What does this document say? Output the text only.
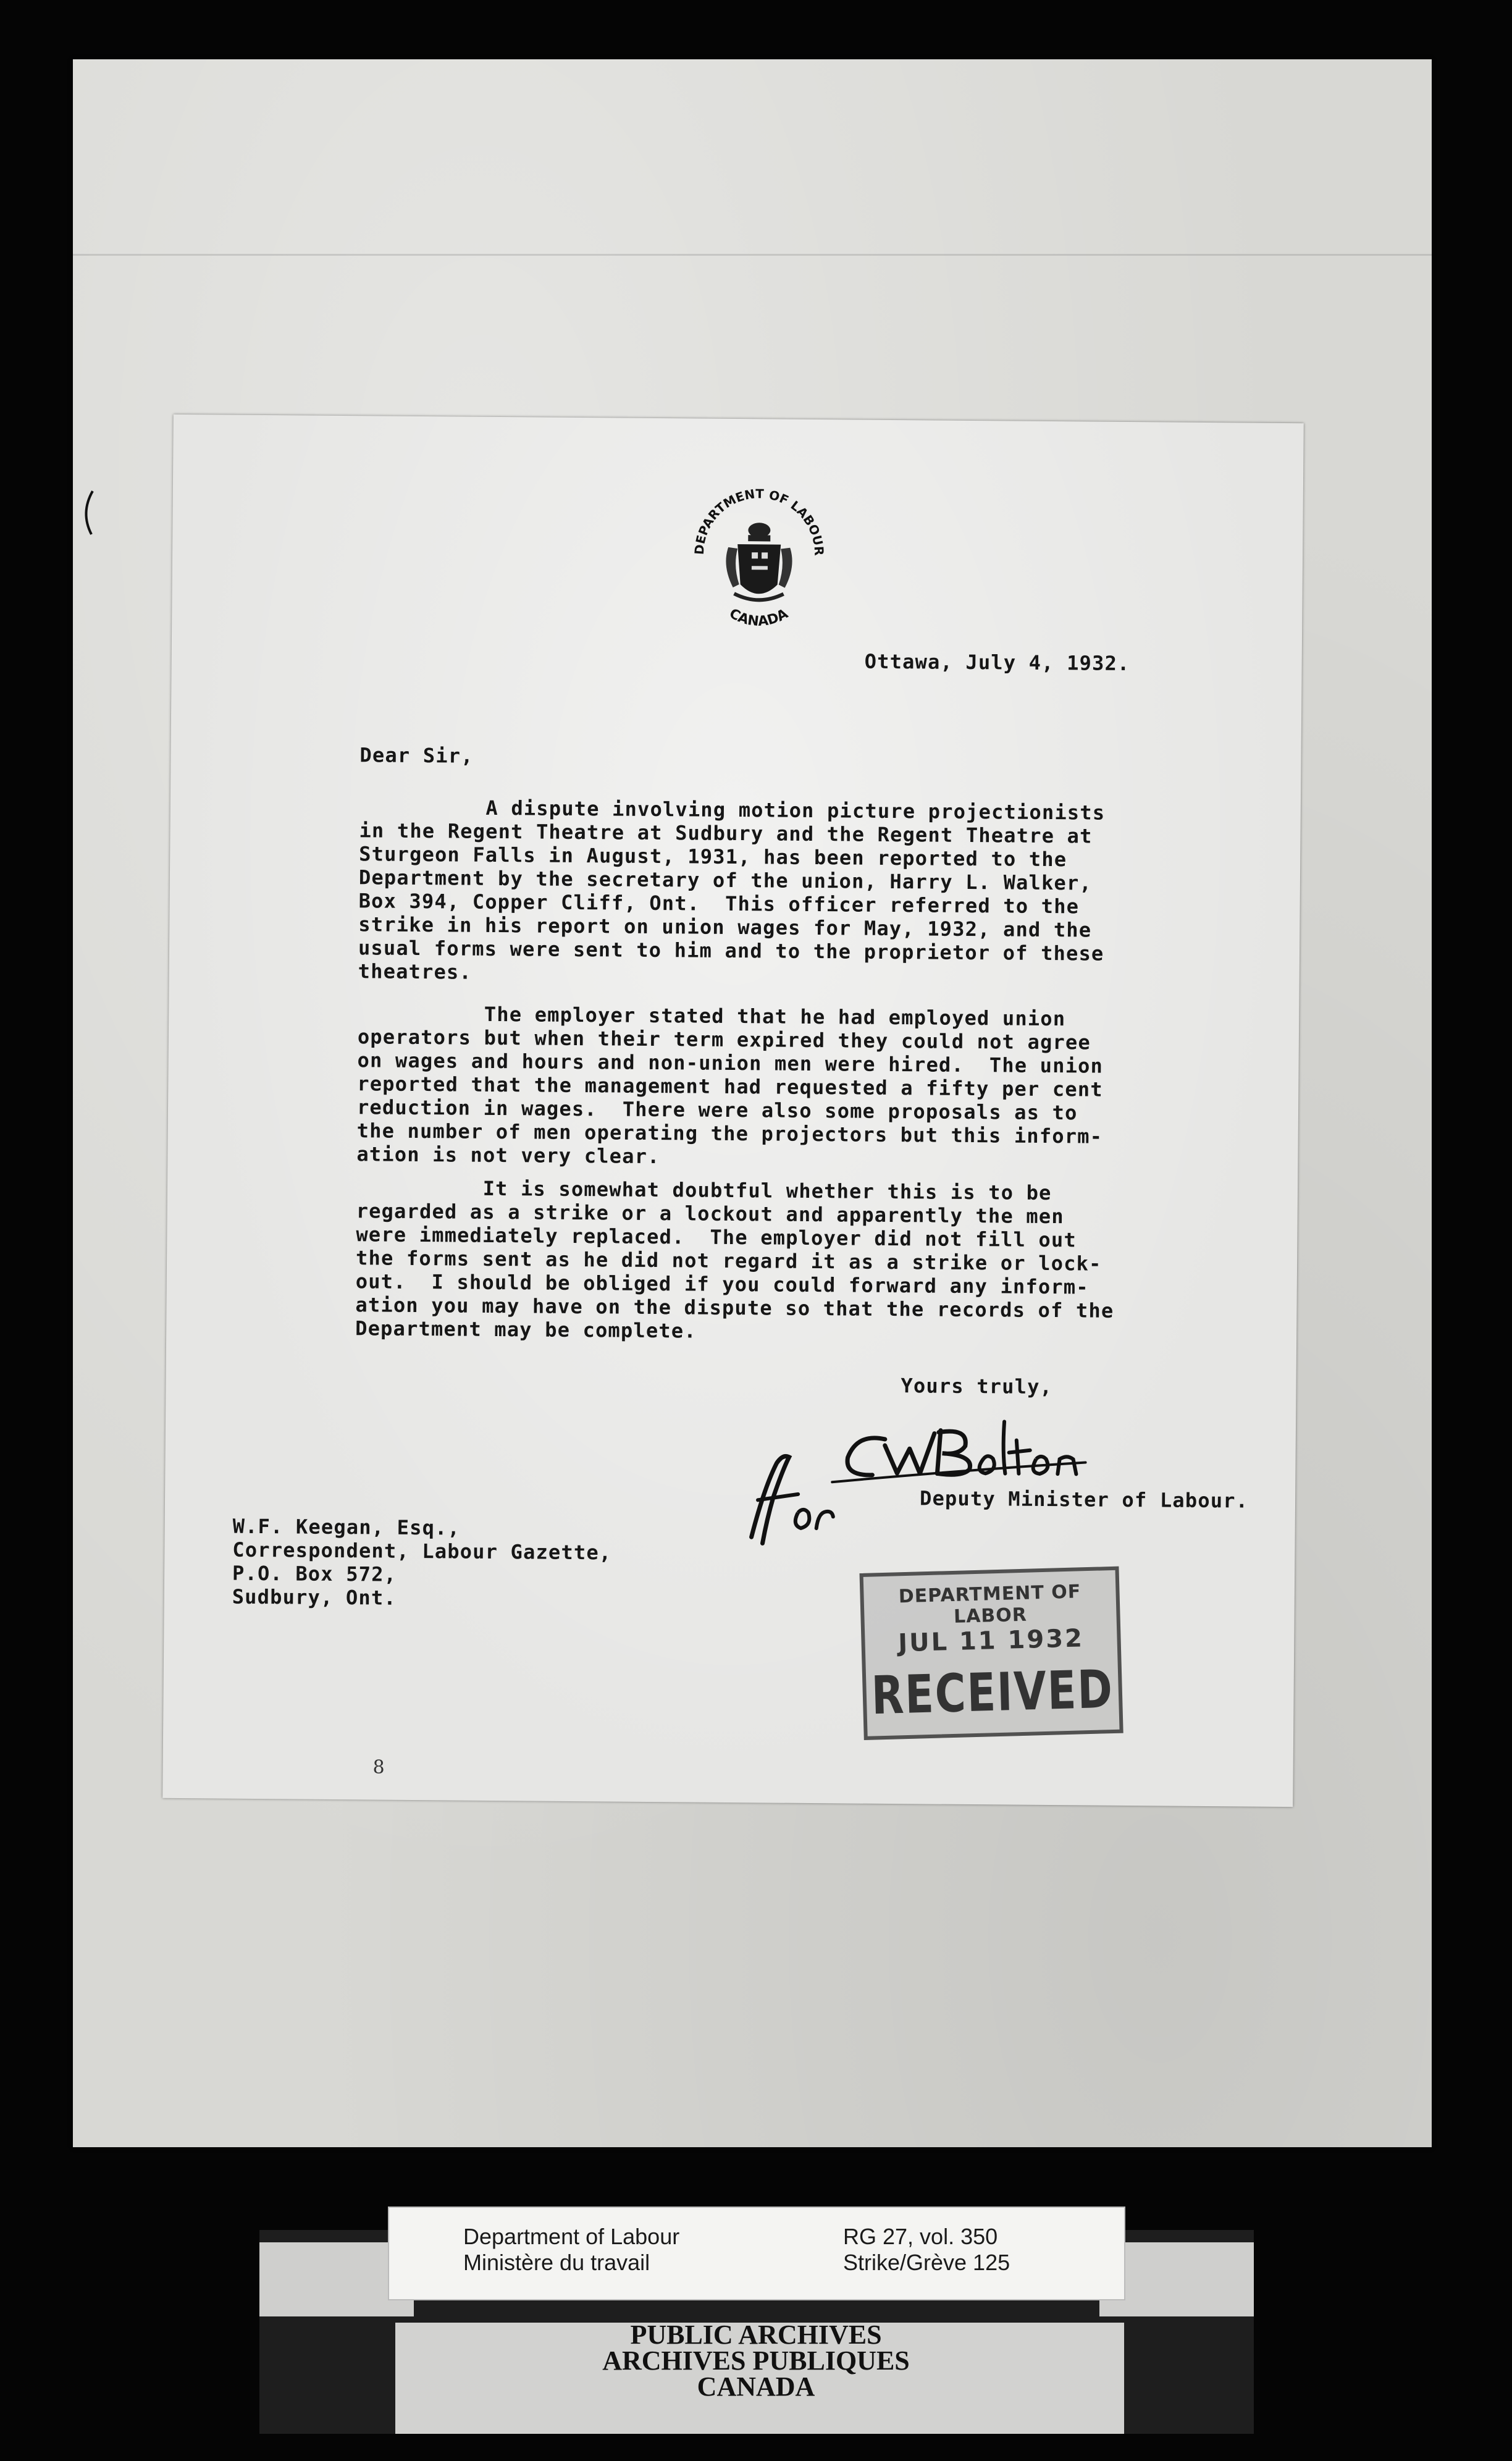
DEPARTMENT OF LABOUR
CANADA
Ottawa, July 4, 1932.
Dear Sir,
A dispute involving motion picture projectionists
in the Regent Theatre at Sudbury and the Regent Theatre at
Sturgeon Falls in August, 1931, has been reported to the
Department by the secretary of the union, Harry L. Walker,
Box 394, Copper Cliff, Ont.  This officer referred to the
strike in his report on union wages for May, 1932, and the
usual forms were sent to him and to the proprietor of these
theatres.
The employer stated that he had employed union
operators but when their term expired they could not agree
on wages and hours and non-union men were hired.  The union
reported that the management had requested a fifty per cent
reduction in wages.  There were also some proposals as to
the number of men operating the projectors but this inform-
ation is not very clear.
It is somewhat doubtful whether this is to be
regarded as a strike or a lockout and apparently the men
were immediately replaced.  The employer did not fill out
the forms sent as he did not regard it as a strike or lock-
out.  I should be obliged if you could forward any inform-
ation you may have on the dispute so that the records of the
Department may be complete.
Yours truly,
Deputy Minister of Labour.
W.F. Keegan, Esq.,
Correspondent, Labour Gazette,
P.O. Box 572,
Sudbury, Ont.	DEPARTMENT OF LABOR
JUL 11 1932
RECEIVED
8
Department of Labour
Ministère du travail
RG 27, vol. 350
Strike/Grève 125
PUBLIC ARCHIVES
ARCHIVES PUBLIQUES
CANADA
